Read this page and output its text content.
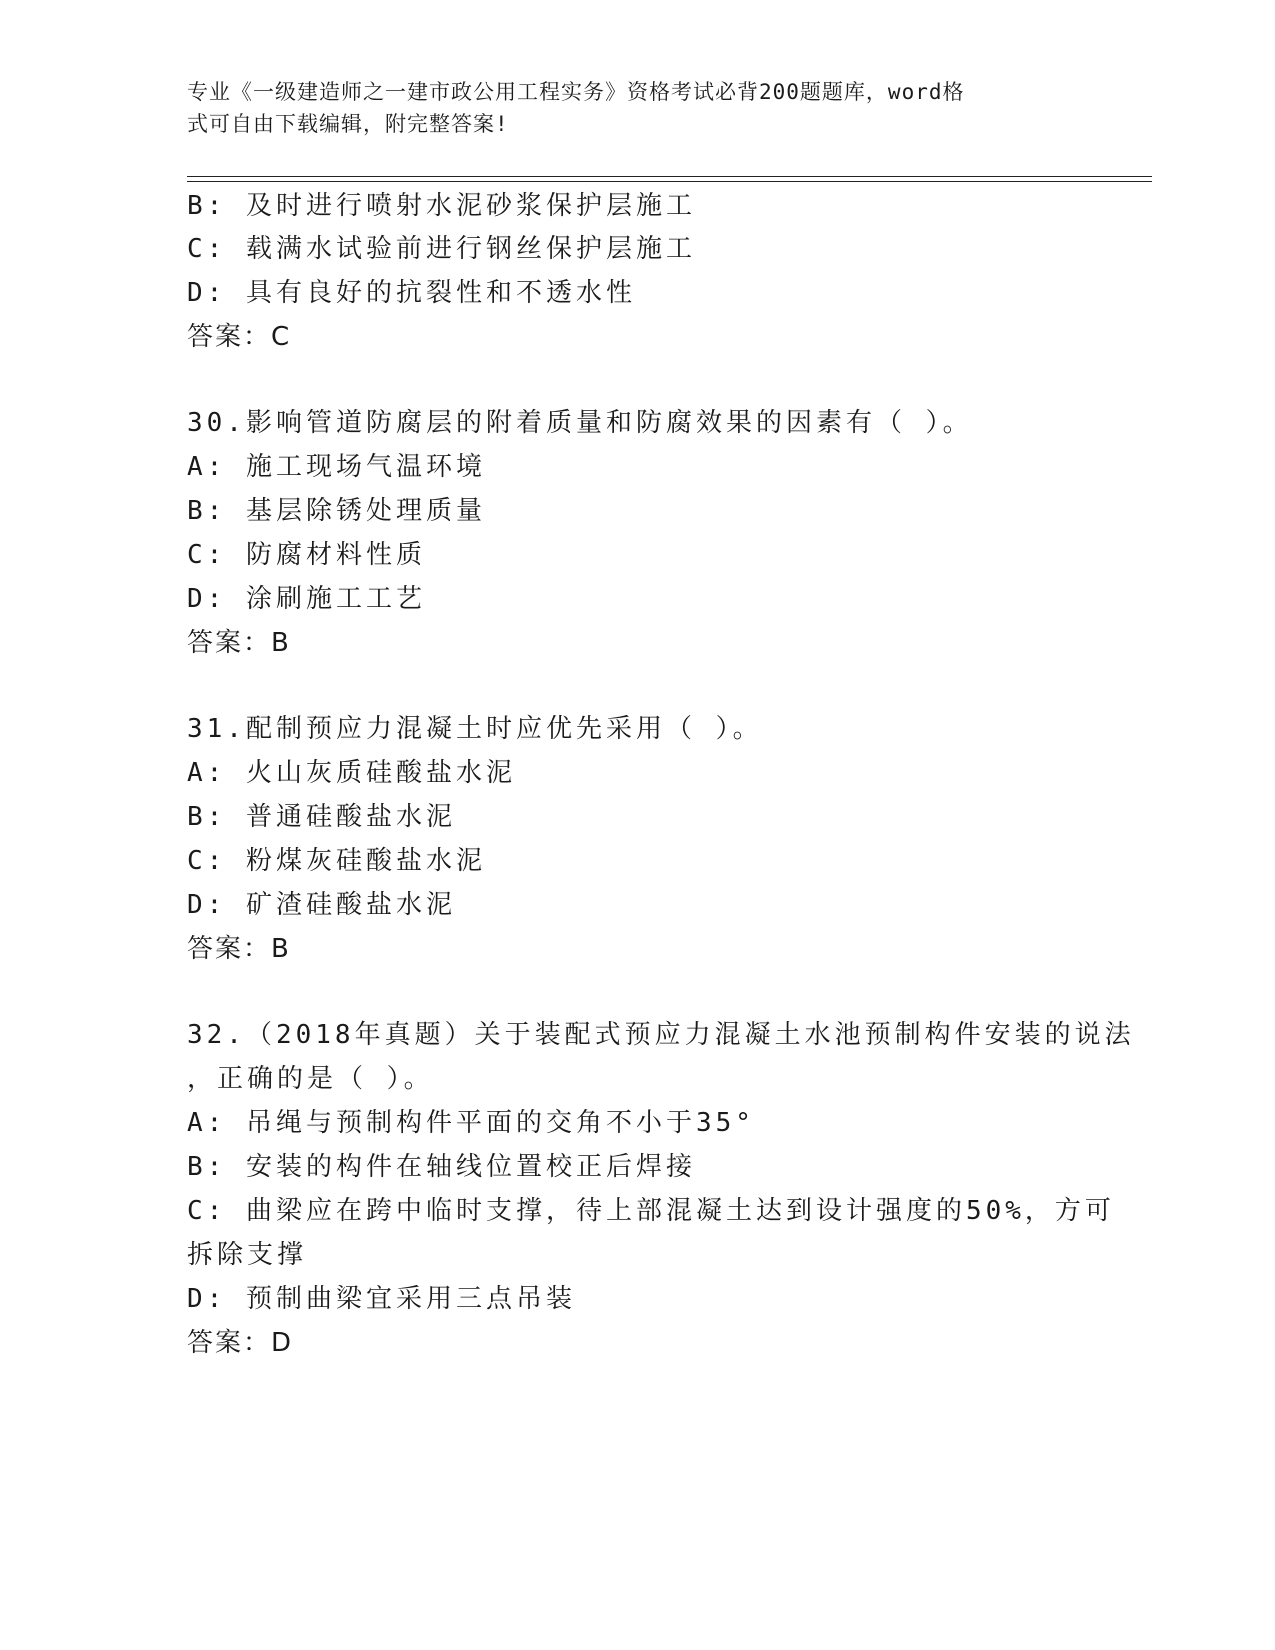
专业《一级建造师之一建市政公用工程实务》资格考试必背200题题库，word格

式可自由下载编辑，附完整答案!

B: 及时进行喷射水泥砂浆保护层施工
C: 载满水试验前进行钢丝保护层施工
D: 具有良好的抗裂性和不透水性
答案：C
30.影响管道防腐层的附着质量和防腐效果的因素有（ ）。
A: 施工现场气温环境
B: 基层除锈处理质量
C: 防腐材料性质
D: 涂刷施工工艺
答案：B
31.配制预应力混凝土时应优先采用（ ）。
A: 火山灰质硅酸盐水泥
B: 普通硅酸盐水泥
C: 粉煤灰硅酸盐水泥
D: 矿渣硅酸盐水泥
答案：B
32.（2018年真题）关于装配式预应力混凝土水池预制构件安装的说法
，正确的是（ ）。
A: 吊绳与预制构件平面的交角不小于35°
B: 安装的构件在轴线位置校正后焊接
C: 曲梁应在跨中临时支撑，待上部混凝土达到设计强度的50%，方可
拆除支撑
D: 预制曲梁宜采用三点吊装
答案：D
